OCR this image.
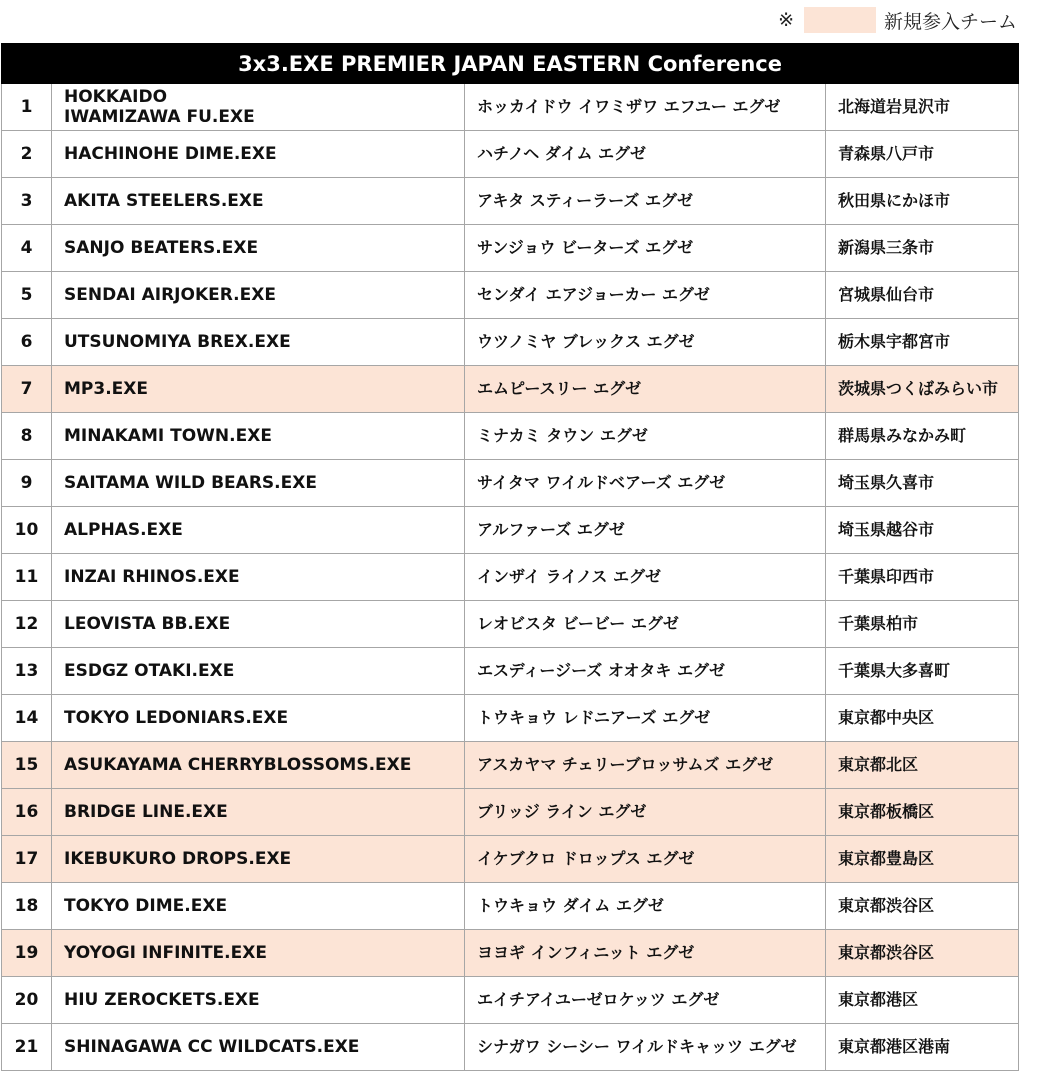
※	新規参入チーム
3x3.EXE PREMIER JAPAN EASTERN Conference			
1	HOKKAIDO
IWAMIZAWA FU.EXE	ホッカイドウ イワミザワ エフユー エグゼ	北海道岩見沢市
2	HACHINOHE DIME.EXE	ハチノヘ ダイム エグゼ	青森県八戸市
3	AKITA STEELERS.EXE	アキタ スティーラーズ エグゼ	秋田県にかほ市
4	SANJO BEATERS.EXE	サンジョウ ビーターズ エグゼ	新潟県三条市
5	SENDAI AIRJOKER.EXE	センダイ エアジョーカー エグゼ	宮城県仙台市
6	UTSUNOMIYA BREX.EXE	ウツノミヤ ブレックス エグゼ	栃木県宇都宮市
7	MP3.EXE	エムピースリー エグゼ	茨城県つくばみらい市
8	MINAKAMI TOWN.EXE	ミナカミ タウン エグゼ	群馬県みなかみ町
9	SAITAMA WILD BEARS.EXE	サイタマ ワイルドベアーズ エグゼ	埼玉県久喜市
10	ALPHAS.EXE	アルファーズ エグゼ	埼玉県越谷市
11	INZAI RHINOS.EXE	インザイ ライノス エグゼ	千葉県印西市
12	LEOVISTA BB.EXE	レオビスタ ビービー エグゼ	千葉県柏市
13	ESDGZ OTAKI.EXE	エスディージーズ オオタキ エグゼ	千葉県大多喜町
14	TOKYO LEDONIARS.EXE	トウキョウ レドニアーズ エグゼ	東京都中央区
15	ASUKAYAMA CHERRYBLOSSOMS.EXE	アスカヤマ チェリーブロッサムズ エグゼ	東京都北区
16	BRIDGE LINE.EXE	ブリッジ ライン エグゼ	東京都板橋区
17	IKEBUKURO DROPS.EXE	イケブクロ ドロップス エグゼ	東京都豊島区
18	TOKYO DIME.EXE	トウキョウ ダイム エグゼ	東京都渋谷区
19	YOYOGI INFINITE.EXE	ヨヨギ インフィニット エグゼ	東京都渋谷区
20	HIU ZEROCKETS.EXE	エイチアイユーゼロケッツ エグゼ	東京都港区
21	SHINAGAWA CC WILDCATS.EXE	シナガワ シーシー ワイルドキャッツ エグゼ	東京都港区港南
